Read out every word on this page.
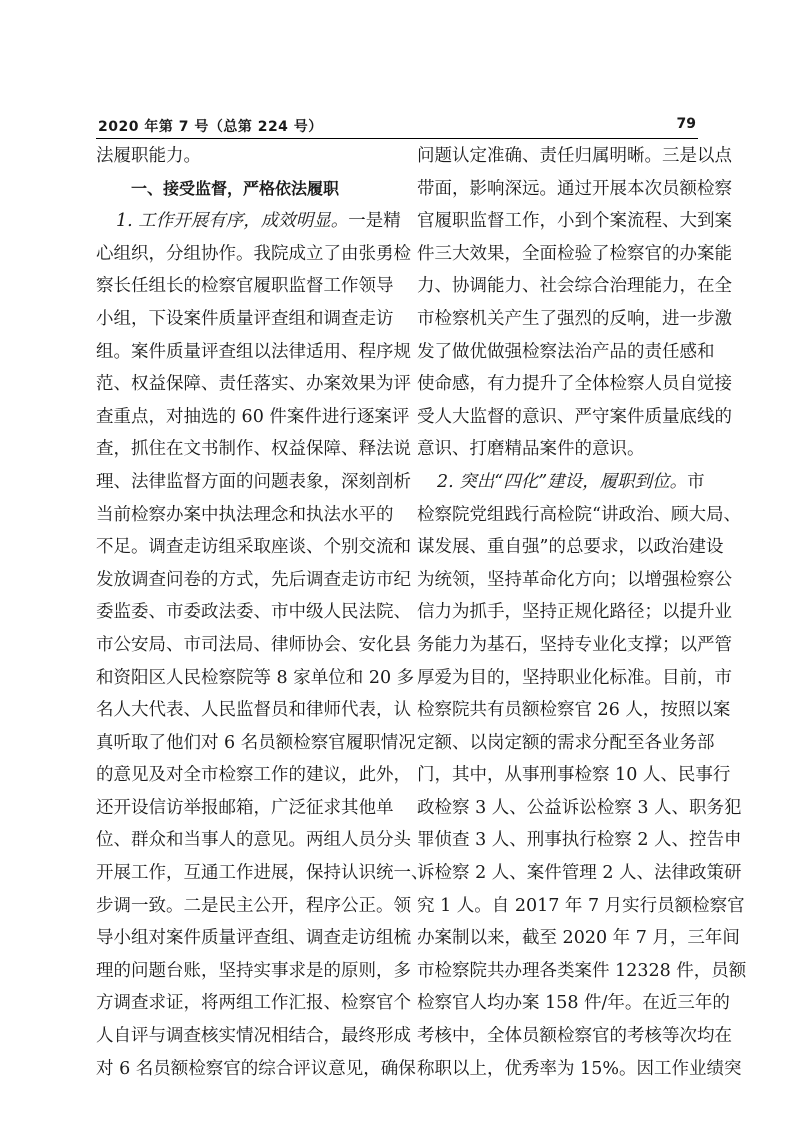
2020 年第 7 号（总第 224 号）	79
法履职能力。
一、接受监督，严格依法履职
1. 工作开展有序，成效明显。一是精
心组织，分组协作。我院成立了由张勇检
察长任组长的检察官履职监督工作领导
小组，下设案件质量评查组和调查走访
组。案件质量评查组以法律适用、程序规
范、权益保障、责任落实、办案效果为评
查重点，对抽选的 60 件案件进行逐案评
查，抓住在文书制作、权益保障、释法说
理、法律监督方面的问题表象，深刻剖析
当前检察办案中执法理念和执法水平的
不足。调查走访组采取座谈、个别交流和
发放调查问卷的方式，先后调查走访市纪
委监委、市委政法委、市中级人民法院、
市公安局、市司法局、律师协会、安化县
和资阳区人民检察院等 8 家单位和 20 多
名人大代表、人民监督员和律师代表，认
真听取了他们对 6 名员额检察官履职情况
的意见及对全市检察工作的建议，此外，
还开设信访举报邮箱，广泛征求其他单
位、群众和当事人的意见。两组人员分头
开展工作，互通工作进展，保持认识统一、
步调一致。二是民主公开，程序公正。领
导小组对案件质量评查组、调查走访组梳
理的问题台账，坚持实事求是的原则，多
方调查求证，将两组工作汇报、检察官个
人自评与调查核实情况相结合，最终形成
对 6 名员额检察官的综合评议意见，确保
问题认定准确、责任归属明晰。三是以点
带面，影响深远。通过开展本次员额检察
官履职监督工作，小到个案流程、大到案
件三大效果，全面检验了检察官的办案能
力、协调能力、社会综合治理能力，在全
市检察机关产生了强烈的反响，进一步激
发了做优做强检察法治产品的责任感和
使命感，有力提升了全体检察人员自觉接
受人大监督的意识、严守案件质量底线的
意识、打磨精品案件的意识。
2. 突出“四化”建设，履职到位。市
检察院党组践行高检院“讲政治、顾大局、
谋发展、重自强”的总要求，以政治建设
为统领，坚持革命化方向；以增强检察公
信力为抓手，坚持正规化路径；以提升业
务能力为基石，坚持专业化支撑；以严管
厚爱为目的，坚持职业化标准。目前，市
检察院共有员额检察官 26 人，按照以案
定额、以岗定额的需求分配至各业务部
门，其中，从事刑事检察 10 人、民事行
政检察 3 人、公益诉讼检察 3 人、职务犯
罪侦查 3 人、刑事执行检察 2 人、控告申
诉检察 2 人、案件管理 2 人、法律政策研
究 1 人。自 2017 年 7 月实行员额检察官
办案制以来，截至 2020 年 7 月，三年间
市检察院共办理各类案件 12328 件，员额
检察官人均办案 158 件/年。在近三年的
考核中，全体员额检察官的考核等次均在
称职以上，优秀率为 15%。因工作业绩突
